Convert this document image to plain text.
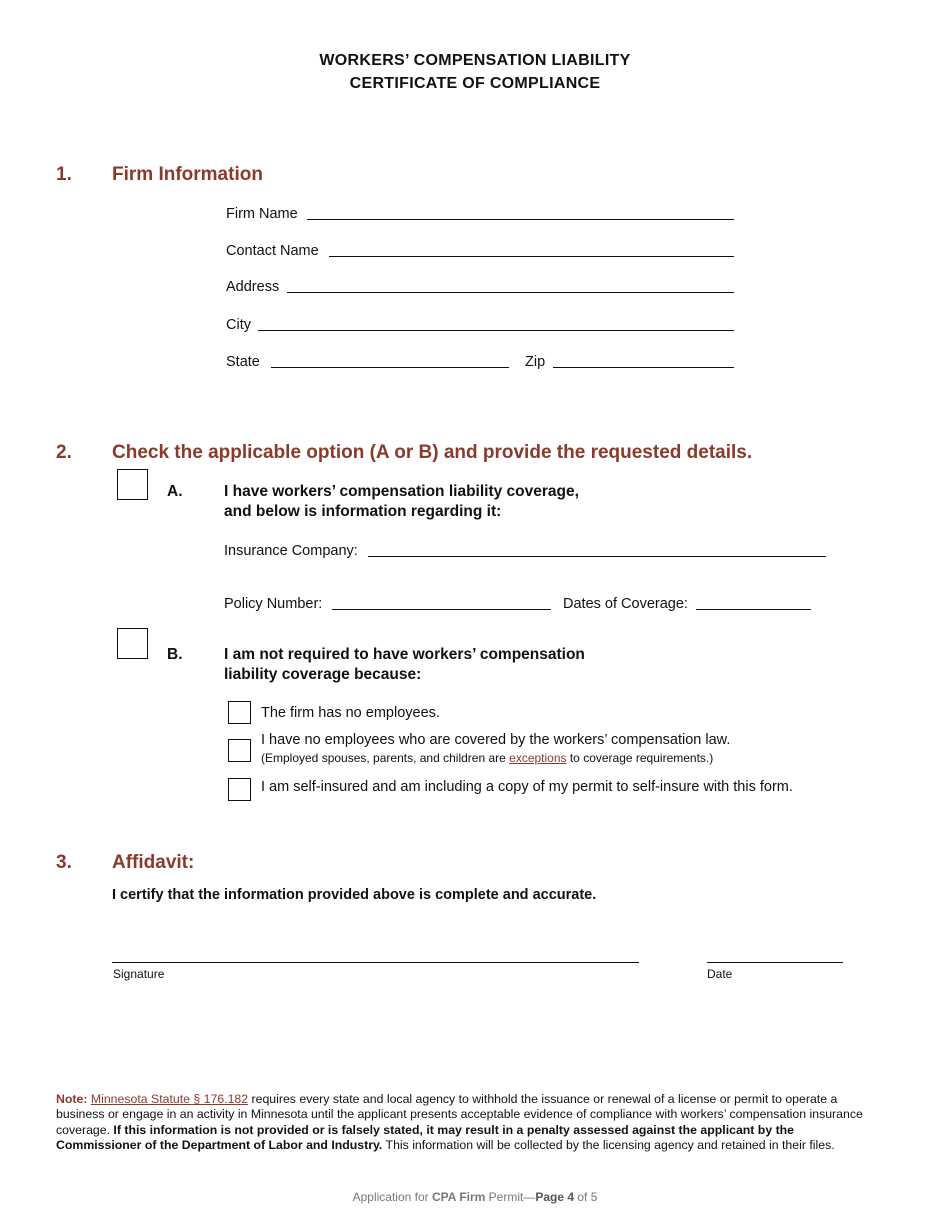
WORKERS’ COMPENSATION LIABILITY
CERTIFICATE OF COMPLIANCE
1. Firm Information
Firm Name
Contact Name
Address
City
State	Zip
2. Check the applicable option (A or B) and provide the requested details.
A.	I have workers’ compensation liability coverage,
and below is information regarding it:
Insurance Company:
Policy Number:	Dates of Coverage:
B.	I am not required to have workers’ compensation
liability coverage because:
The firm has no employees.
I have no employees who are covered by the workers’ compensation law.
(Employed spouses, parents, and children are exceptions to coverage requirements.)
I am self-insured and am including a copy of my permit to self-insure with this form.
3. Affidavit:
I certify that the information provided above is complete and accurate.
Signature	Date
Note: Minnesota Statute § 176.182 requires every state and local agency to withhold the issuance or renewal of a license or permit to operate a business or engage in an activity in Minnesota until the applicant presents acceptable evidence of compliance with workers’ compensation insurance coverage. If this information is not provided or is falsely stated, it may result in a penalty assessed against the applicant by the Commissioner of the Department of Labor and Industry. This information will be collected by the licensing agency and retained in their files.
Application for CPA Firm Permit—Page 4 of 5
